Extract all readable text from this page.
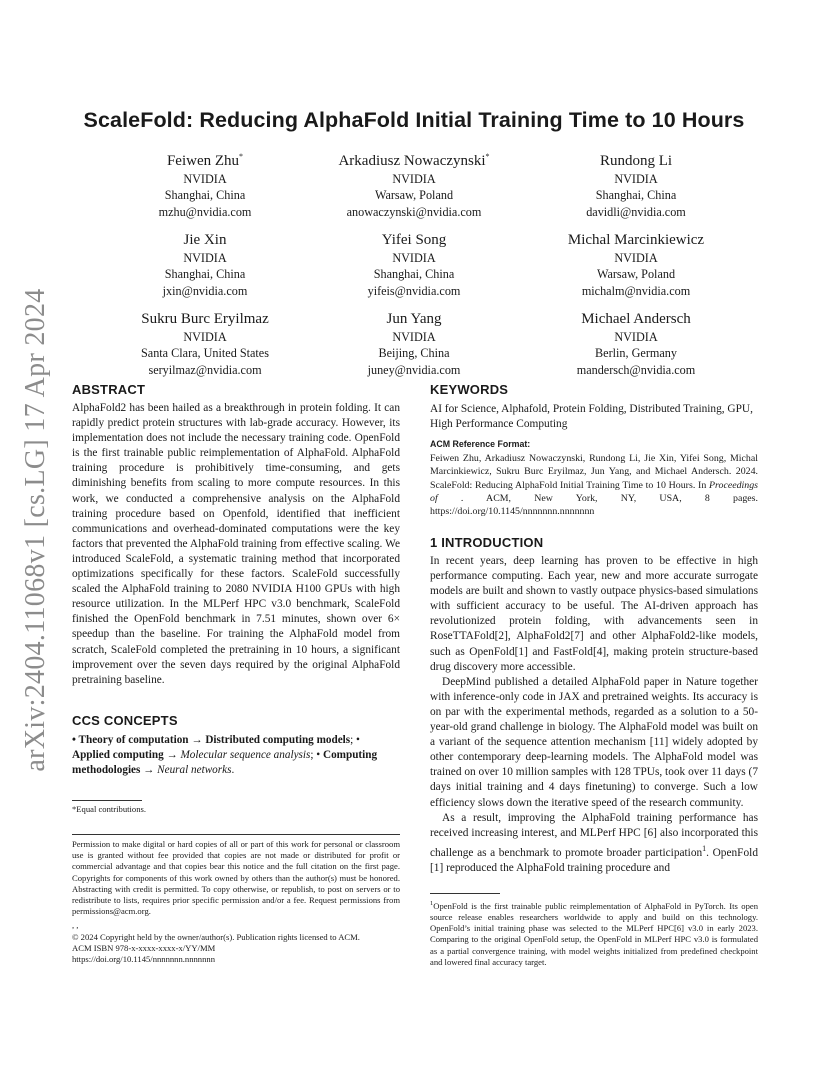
arXiv:2404.11068v1 [cs.LG] 17 Apr 2024
ScaleFold: Reducing AlphaFold Initial Training Time to 10 Hours
Feiwen Zhu*
NVIDIA
Shanghai, China
mzhu@nvidia.com
Arkadiusz Nowaczynski*
NVIDIA
Warsaw, Poland
anowaczynski@nvidia.com
Rundong Li
NVIDIA
Shanghai, China
davidli@nvidia.com
Jie Xin
NVIDIA
Shanghai, China
jxin@nvidia.com
Yifei Song
NVIDIA
Shanghai, China
yifeis@nvidia.com
Michal Marcinkiewicz
NVIDIA
Warsaw, Poland
michalm@nvidia.com
Sukru Burc Eryilmaz
NVIDIA
Santa Clara, United States
seryilmaz@nvidia.com
Jun Yang
NVIDIA
Beijing, China
juney@nvidia.com
Michael Andersch
NVIDIA
Berlin, Germany
mandersch@nvidia.com
ABSTRACT
AlphaFold2 has been hailed as a breakthrough in protein folding. It can rapidly predict protein structures with lab-grade accuracy. However, its implementation does not include the necessary training code. OpenFold is the first trainable public reimplementation of AlphaFold. AlphaFold training procedure is prohibitively time-consuming, and gets diminishing benefits from scaling to more compute resources. In this work, we conducted a comprehensive analysis on the AlphaFold training procedure based on Openfold, identified that inefficient communications and overhead-dominated computations were the key factors that prevented the AlphaFold training from effective scaling. We introduced ScaleFold, a systematic training method that incorporated optimizations specifically for these factors. ScaleFold successfully scaled the AlphaFold training to 2080 NVIDIA H100 GPUs with high resource utilization. In the MLPerf HPC v3.0 benchmark, ScaleFold finished the OpenFold benchmark in 7.51 minutes, shown over 6× speedup than the baseline. For training the AlphaFold model from scratch, ScaleFold completed the pretraining in 10 hours, a significant improvement over the seven days required by the original AlphaFold pretraining baseline.
CCS CONCEPTS
• Theory of computation → Distributed computing models; • Applied computing → Molecular sequence analysis; • Computing methodologies → Neural networks.
*Equal contributions.
Permission to make digital or hard copies of all or part of this work for personal or classroom use is granted without fee provided that copies are not made or distributed for profit or commercial advantage and that copies bear this notice and the full citation on the first page. Copyrights for components of this work owned by others than the author(s) must be honored. Abstracting with credit is permitted. To copy otherwise, or republish, to post on servers or to redistribute to lists, requires prior specific permission and/or a fee. Request permissions from permissions@acm.org.
, ,
© 2024 Copyright held by the owner/author(s). Publication rights licensed to ACM.
ACM ISBN 978-x-xxxx-xxxx-x/YY/MM
https://doi.org/10.1145/nnnnnnn.nnnnnnn
KEYWORDS
AI for Science, Alphafold, Protein Folding, Distributed Training, GPU, High Performance Computing
ACM Reference Format:
Feiwen Zhu, Arkadiusz Nowaczynski, Rundong Li, Jie Xin, Yifei Song, Michal Marcinkiewicz, Sukru Burc Eryilmaz, Jun Yang, and Michael Andersch. 2024. ScaleFold: Reducing AlphaFold Initial Training Time to 10 Hours. In Proceedings of . ACM, New York, NY, USA, 8 pages. https://doi.org/10.1145/nnnnnnn.nnnnnnn
1 INTRODUCTION
In recent years, deep learning has proven to be effective in high performance computing. Each year, new and more accurate surrogate models are built and shown to vastly outpace physics-based simulations with sufficient accuracy to be useful. The AI-driven approach has revolutionized protein folding, with advancements seen in RoseTTAFold[2], AlphaFold2[7] and other AlphaFold2-like models, such as OpenFold[1] and FastFold[4], making protein structure-based drug discovery more accessible.
DeepMind published a detailed AlphaFold paper in Nature together with inference-only code in JAX and pretrained weights. Its accuracy is on par with the experimental methods, regarded as a solution to a 50-year-old grand challenge in biology. The AlphaFold model was built on a variant of the sequence attention mechanism [11] widely adopted by other contemporary deep-learning models. The AlphaFold model was trained on over 10 million samples with 128 TPUs, took over 11 days (7 days initial training and 4 days finetuning) to converge. Such a low efficiency slows down the iterative speed of the research community.
As a result, improving the AlphaFold training performance has received increasing interest, and MLPerf HPC [6] also incorporated this challenge as a benchmark to promote broader participation$^1$. OpenFold [1] reproduced the AlphaFold training procedure and
$^1$OpenFold is the first trainable public reimplementation of AlphaFold in PyTorch. Its open source release enables researchers worldwide to apply and build on this technology. OpenFold’s initial training phase was selected to the MLPerf HPC[6] v3.0 in early 2023. Comparing to the original OpenFold setup, the OpenFold in MLPerf HPC v3.0 is formulated as a partial convergence training, with model weights initialized from predefined checkpoint and lowered final accuracy target.
